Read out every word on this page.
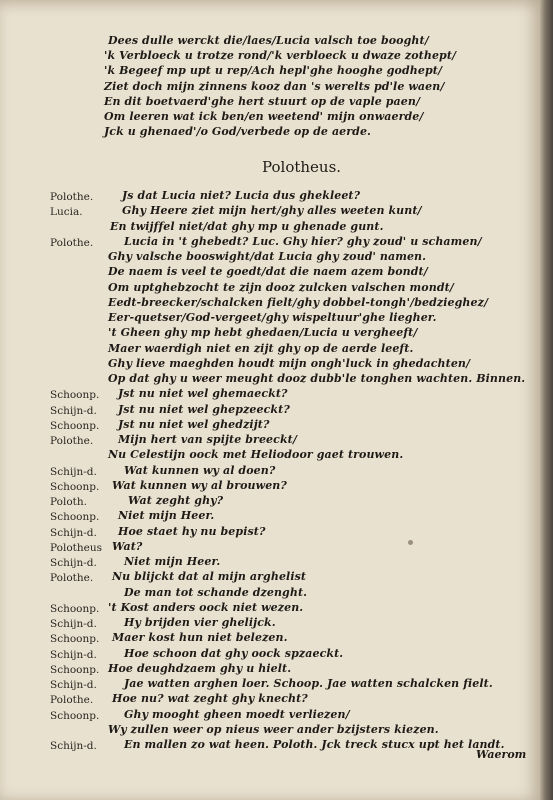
Dees dulle werckt die/laes/Lucia valsch toe booght/
'k Verbloeck u trotze rond/'k verbloeck u dwaze zothept/
'k Begeef mp upt u rep/Ach hepl'ghe hooghe godhept/
Ziet doch mijn zinnens kooz dan 's werelts pd'le waen/
En dit boetvaerd'ghe hert stuurt op de vaple paen/
Om leeren wat ick ben/en weetend' mijn onwaerde/
Jck u ghenaed'/o God/verbede op de aerde.
Polotheus.
Polothe.	Js dat Lucia niet? Lucia dus ghekleet?
Lucia.	Ghy Heere ziet mijn hert/ghy alles weeten kunt/
En twijffel niet/dat ghy mp u ghenade gunt.
Polothe.	Lucia in 't ghebedt? Luc. Ghy hier? ghy zoud' u schamen/
Ghy valsche booswight/dat Lucia ghy zoud' namen.
De naem is veel te goedt/dat die naem azem bondt/
Om uptghebzocht te zijn dooz zulcken valschen mondt/
Eedt-breecker/schalcken fielt/ghy dobbel-tongh'/bedzieghez/
Eer-quetser/God-vergeet/ghy wispeltuur'ghe liegher.
't Gheen ghy mp hebt ghedaen/Lucia u vergheeft/
Maer waerdigh niet en zijt ghy op de aerde leeft.
Ghy lieve maeghden houdt mijn ongh'luck in ghedachten/
Op dat ghy u weer meught dooz dubb'le tonghen wachten. Binnen.
Schoonp. Jst nu niet wel ghemaeckt?
Schijn-d. Jst nu niet wel ghepzeeckt?
Schoonp. Jst nu niet wel ghedzijt?
Polothe. Mijn hert van spijte breeckt/
Nu Celestijn oock met Heliodoor gaet trouwen.
Schijn-d. Wat kunnen wy al doen?
Schoonp. Wat kunnen wy al brouwen?
Poloth.	Wat zeght ghy?
Schoonp. Niet mijn Heer.
Schijn-d. Hoe staet hy nu bepist?
Polotheus Wat?
Schijn-d. Niet mijn Heer.
Polothe. Nu blijckt dat al mijn arghelist
De man tot schande dzenght.
Schoonp. 't Kost anders oock niet wezen.
Schijn-d. Hy brijden vier ghelijck.
Schoonp. Maer kost hun niet belezen.
Schijn-d. Hoe schoon dat ghy oock spzaeckt.
Schoonp. Hoe deughdzaem ghy u hielt.
Schijn-d. Jae watten arghen loer. Schoop. Jae watten schalcken fielt.
Polothe. Hoe nu? wat zeght ghy knecht?
Schoonp. Ghy mooght gheen moedt verliezen/
Wy zullen weer op nieus weer ander bzijsters kiezen.
Schijn-d. En mallen zo wat heen. Poloth. Jck treck stucx upt het landt.
Waerom
